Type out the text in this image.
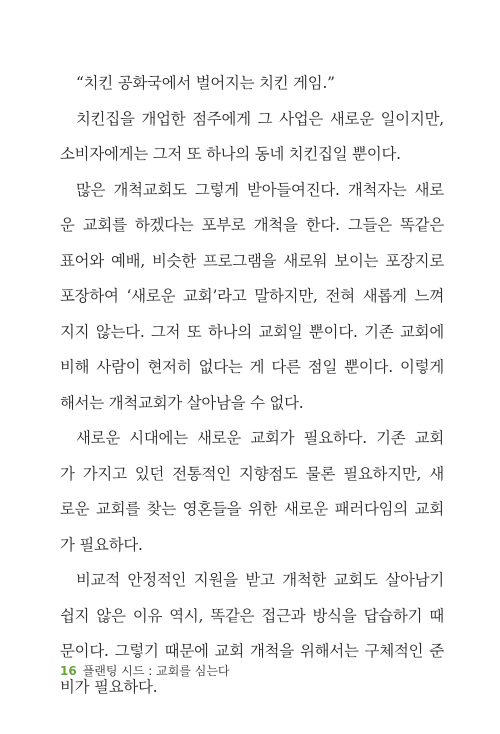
“치킨 공화국에서 벌어지는 치킨 게임.”
치킨집을 개업한 점주에게 그 사업은 새로운 일이지만,
소비자에게는 그저 또 하나의 동네 치킨집일 뿐이다.
많은 개척교회도 그렇게 받아들여진다. 개척자는 새로
운 교회를 하겠다는 포부로 개척을 한다. 그들은 똑같은
표어와 예배, 비슷한 프로그램을 새로워 보이는 포장지로
포장하여 ‘새로운 교회’라고 말하지만, 전혀 새롭게 느껴
지지 않는다. 그저 또 하나의 교회일 뿐이다. 기존 교회에
비해 사람이 현저히 없다는 게 다른 점일 뿐이다. 이렇게
해서는 개척교회가 살아남을 수 없다.
새로운 시대에는 새로운 교회가 필요하다. 기존 교회
가 가지고 있던 전통적인 지향점도 물론 필요하지만, 새
로운 교회를 찾는 영혼들을 위한 새로운 패러다임의 교회
가 필요하다.
비교적 안정적인 지원을 받고 개척한 교회도 살아남기
쉽지 않은 이유 역시, 똑같은 접근과 방식을 답습하기 때
문이다. 그렇기 때문에 교회 개척을 위해서는 구체적인 준
비가 필요하다.
16 플랜팅 시드 : 교회를 심는다
